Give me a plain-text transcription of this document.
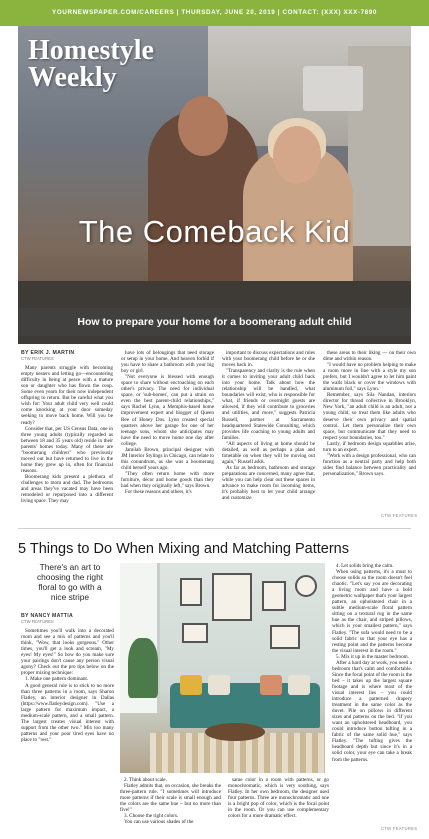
YOURNEWSPAPER.COM/CAREERS | THURSDAY, JUNE 20, 2019 | CONTACT: (XXX) XXX-7890
Homestyle
Weekly
The Comeback Kid
How to prepare your home for a boomerang adult child
BY ERIK J. MARTIN
CTW FEATURES

Many parents struggle with becoming empty nesters and letting go—encountering difficulty in being at peace with a mature son or daughter who has flown the coop. Some even yearn for their now independent offspring to return. But be careful what you wish for: Your adult child very well could come knocking at your door someday seeking to move back home. Will you be ready?

Consider that, per US Census Data, one in three young adults (typically regarded as between 18 and 35 years old) reside in their parents' homes today. Many of these are "boomerang children" who previously moved out but have returned to live in the home they grew up in, often for financial reasons.

Boomerang kids present a plethora of challenges to mom and dad. The bedrooms and areas they've vacated may have been remodeled or repurposed into a different living space. They may

have lots of belongings that need storage or setup in your home. And heaven forbid if you have to share a bathroom with your big boy or girl.

"Not everyone is blessed with enough space to share without encroaching on each other's privacy. The need for individual space, or 'sub-homes', can put a strain on even the best parent-child relationships," says Rachel Lynn, a Memphis-based home improvement expert and blogger of Queen Bee of Honey Dos. Lynn created special quarters above her garage for one of her teenage sons, whom she anticipates may have the need to move home one day after college.

Jamilah Brown, principal designer with JM Interior Stylings in Chicago, can relate to this conundrum, as she was a boomerang child herself years ago.

"They often return home with more furniture, décor and home goods than they had when they originally left," says Brown.

For these reasons and others, it's

important to discuss expectations and rules with your boomerang child before he or she moves back in.

"Transparency and clarity is the rule when it comes to inviting your adult child back into your home. Talk about how the relationship will be handled, what boundaries will exist, who is responsible for what, if friends or overnight guests are allowed, if they will contribute to groceries and utilities, and more," suggests Patricia Russell, partner at Sacramento headquartered Statewide Consulting, which provides life coaching to young adults and families.

"All aspects of living at home should be detailed, as well as perhaps a plan and timetable on when they will be moving out again," Russell adds.

As far as bedroom, bathroom and storage preparations are concerned, many agree that, while you can help clear out these spaces in advance to make room for incoming items, it's probably best to let your child arrange and customize

these areas to their liking — on their own dime and within reason.

"I would have no problem helping to make a room more in line with a style my son prefers, but I wouldn't agree to let him paint the walls black or cover the windows with aluminum foil," says Lynn.

Remember, says Sila Nandan, interiors director for thread collective in Brooklyn, New York, "an adult child is an adult, not a young child, so treat them like adults who deserve their own privacy and spatial control. Let them personalize their own space, but communicate that they need to respect your boundaries, too."

Lastly, if bedroom design squabbles arise, turn to an expert.

"Work with a design professional, who can function as a neutral party and help both sides find balance between practicality and personalization," Brown says.

CTW FEATURES
5 Things to Do When Mixing and Matching Patterns
There's an art to choosing the right floral to go with a nice stripe
BY NANCY MATTIA
CTW FEATURES

Sometimes you'll walk into a decorated room and see a mix of patterns and you'll think, "Wow, that looks gorgeous." Other times, you'll get a look and scream, "My eyes! My eyes!" So how do you make sure your pairings don't cause any person visual agony? Check out the pro tips below on the proper mixing technique:

1. Make one pattern dominant.

A good general rule is to stick to no more than three patterns in a room, says Sharon Flatley, an interior designer in Dallas (https://www.flatleydesign.com). "Use a large pattern for maximum impact, a medium-scale pattern, and a small pattern. The largest creates visual interest with support from the other two." Mix too many patterns and your poor tired eyes have no place to "rest."

2. Think about scale.

Flatley admits that, on occasion, she breaks the three-pattern rule. "I sometimes will introduce more patterns if their scale is small enough and the colors are the same hue – but no more than five!"

3. Choose the right colors.

You can use various shades of the

same color in a room with patterns, or go monochromatic, which is very soothing, says Flatley. In her own bedroom, the designer used four patterns. Three are monochromatic and one is a bright pop of color, which is the focal point in the room. Or you can use complementary colors for a more dramatic effect.

4. Let solids bring the calm.

When using patterns, it's a must to choose solids so the room doesn't feel chaotic. "Let's say you are decorating a living room and have a bold geometric wallpaper that's your largest pattern, an upholstered chair in a subtle medium-scale floral pattern sitting on a textural rug in the same hue as the chair, and striped pillows, which is your smallest pattern," says Flatley. "The sofa would need to be a solid fabric so that your eye has a resting point and the patterns become the visual interest in the room."

5. Mix it up in the master bedroom.

After a hard day at work, you need a bedroom that's calm and comfortable. Since the focal point of the room is the bed – it takes up the largest square footage and is where most of the visual interest lies – you could introduce a patterned drapery treatment in the same color as the duvet. Pile on pillows in different sizes and patterns on the bed. "If you want an upholstered headboard, you could introduce button tufting in a fabric of the same solid hue," says Flatley. "The tufting gives the headboard depth but since it's in a solid color, your eye can take a break from the patterns.

CTW FEATURES
